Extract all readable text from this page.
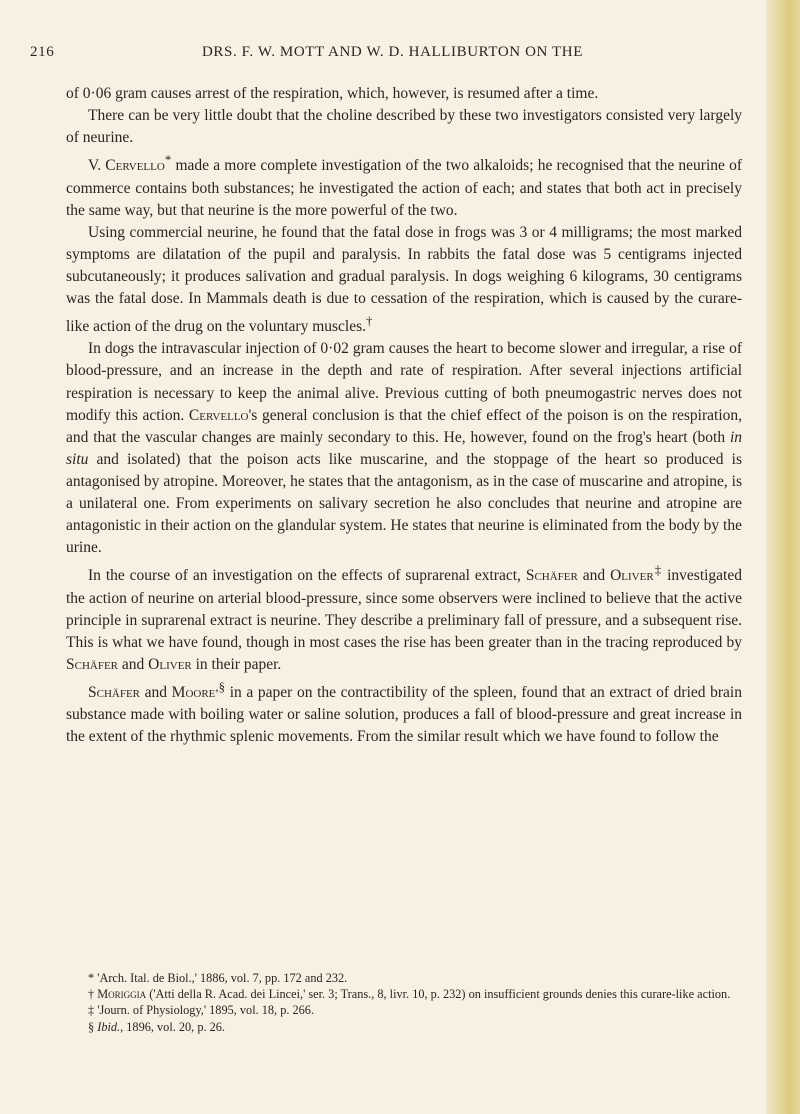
216	DRS. F. W. MOTT AND W. D. HALLIBURTON ON THE

of 0·06 gram causes arrest of the respiration, which, however, is resumed after a time.

There can be very little doubt that the choline described by these two investigators consisted very largely of neurine.

V. Cervello* made a more complete investigation of the two alkaloids; he recognised that the neurine of commerce contains both substances; he investigated the action of each; and states that both act in precisely the same way, but that neurine is the more powerful of the two.

Using commercial neurine, he found that the fatal dose in frogs was 3 or 4 milligrams; the most marked symptoms are dilatation of the pupil and paralysis. In rabbits the fatal dose was 5 centigrams injected subcutaneously; it produces salivation and gradual paralysis. In dogs weighing 6 kilograms, 30 centigrams was the fatal dose. In Mammals death is due to cessation of the respiration, which is caused by the curare-like action of the drug on the voluntary muscles.†

In dogs the intravascular injection of 0·02 gram causes the heart to become slower and irregular, a rise of blood-pressure, and an increase in the depth and rate of respiration. After several injections artificial respiration is necessary to keep the animal alive. Previous cutting of both pneumogastric nerves does not modify this action. Cervello's general conclusion is that the chief effect of the poison is on the respiration, and that the vascular changes are mainly secondary to this. He, however, found on the frog's heart (both in situ and isolated) that the poison acts like muscarine, and the stoppage of the heart so produced is antagonised by atropine. Moreover, he states that the antagonism, as in the case of muscarine and atropine, is a unilateral one. From experiments on salivary secretion he also concludes that neurine and atropine are antagonistic in their action on the glandular system. He states that neurine is eliminated from the body by the urine.

In the course of an investigation on the effects of suprarenal extract, Schäfer and Oliver‡ investigated the action of neurine on arterial blood-pressure, since some observers were inclined to believe that the active principle in suprarenal extract is neurine. They describe a preliminary fall of pressure, and a subsequent rise. This is what we have found, though in most cases the rise has been greater than in the tracing reproduced by Schäfer and Oliver in their paper.

Schäfer and Moore,§ in a paper on the contractibility of the spleen, found that an extract of dried brain substance made with boiling water or saline solution, produces a fall of blood-pressure and great increase in the extent of the rhythmic splenic movements. From the similar result which we have found to follow the

* 'Arch. Ital. de Biol.,' 1886, vol. 7, pp. 172 and 232.

† Moriggia ('Atti della R. Acad. dei Lincei,' ser. 3; Trans., 8, livr. 10, p. 232) on insufficient grounds denies this curare-like action.

‡ 'Journ. of Physiology,' 1895, vol. 18, p. 266.

§ Ibid., 1896, vol. 20, p. 26.
